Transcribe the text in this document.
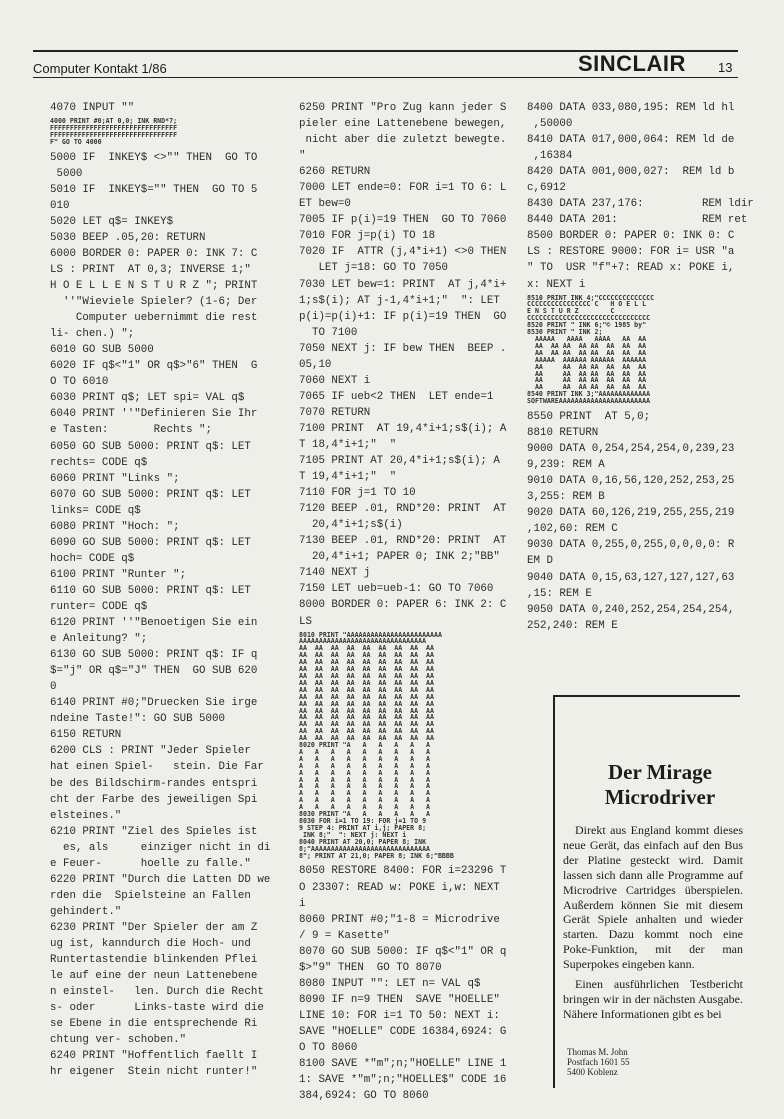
Computer Kontakt 1/86	SINCLAIR 13
4070 INPUT ""
4000 PRINT #0;AT 0,0; INK RND*7;
FFFFFFFFFFFFFFFFFFFFFFFFFFFFFFFF
FFFFFFFFFFFFFFFFFFFFFFFFFFFFFFFF
F" GO TO 4000
5000 IF  INKEY$ <>"" THEN  GO TO
5000
5010 IF  INKEY$="" THEN  GO TO 5
010
5020 LET q$= INKEY$
5030 BEEP .05,20: RETURN
6000 BORDER 0: PAPER 0: INK 7: C
LS : PRINT  AT 0,3; INVERSE 1;"
H O E L L E N S T U R Z "; PRINT
''"Wieviele Spieler? (1-6; Der
Computer uebernimmt die rest
li- chen.) ";
6010 GO SUB 5000
6020 IF q$<"1" OR q$>"6" THEN  G
O TO 6010
6030 PRINT q$; LET spi= VAL q$
6040 PRINT ''"Definieren Sie Ihr
e Tasten:       Rechts ";
6050 GO SUB 5000: PRINT q$: LET
rechts= CODE q$
6060 PRINT "Links ";
6070 GO SUB 5000: PRINT q$: LET
links= CODE q$
6080 PRINT "Hoch: ";
6090 GO SUB 5000: PRINT q$: LET
hoch= CODE q$
6100 PRINT "Runter ";
6110 GO SUB 5000: PRINT q$: LET
runter= CODE q$
6120 PRINT ''"Benoetigen Sie ein
e Anleitung? ";
6130 GO SUB 5000: PRINT q$: IF q
$="j" OR q$="J" THEN  GO SUB 620
0
6140 PRINT #0;"Druecken Sie irge
ndeine Taste!": GO SUB 5000
6150 RETURN
6200 CLS : PRINT "Jeder Spieler
hat einen Spiel-   stein. Die Far
be des Bildschirm-randes entspri
cht der Farbe des jeweiligen Spi
elsteines."
6210 PRINT "Ziel des Spieles ist
es, als     einziger nicht in di
e Feuer-      hoelle zu falle."
6220 PRINT "Durch die Latten DD we
rden die  Spielsteine an Fallen
gehindert."
6230 PRINT "Der Spieler der am Z
ug ist, kanndurch die Hoch- und
Runtertastendie blinkenden Pflei
le auf eine der neun Lattenebene
n einstel-   len. Durch die Recht
s- oder      Links-taste wird die
se Ebene in die entsprechende Ri
chtung ver- schoben."
6240 PRINT "Hoffentlich faellt I
hr eigener  Stein nicht runter!"
6250 PRINT "Pro Zug kann jeder S
pieler eine Lattenebene bewegen,
nicht aber die zuletzt bewegte.
"
6260 RETURN
7000 LET ende=0: FOR i=1 TO 6: L
ET bew=0
7005 IF p(i)=19 THEN  GO TO 7060
7010 FOR j=p(i) TO 18
7020 IF  ATTR (j,4*i+1) <>0 THEN
LET j=18: GO TO 7050
7030 LET bew=1: PRINT  AT j,4*i+
1;s$(i); AT j-1,4*i+1;"  ": LET
p(i)=p(i)+1: IF p(i)=19 THEN  GO
TO 7100
7050 NEXT j: IF bew THEN  BEEP .
05,10
7060 NEXT i
7065 IF ueb<2 THEN  LET ende=1
7070 RETURN
7100 PRINT  AT 19,4*i+1;s$(i); A
T 18,4*i+1;"  "
7105 PRINT AT 20,4*i+1;s$(i); A
T 19,4*i+1;"  "
7110 FOR j=1 TO 10
7120 BEEP .01, RND*20: PRINT  AT
20,4*i+1;s$(i)
7130 BEEP .01, RND*20: PRINT  AT
20,4*i+1; PAPER 0; INK 2;"BB"
7140 NEXT j
7150 LET ueb=ueb-1: GO TO 7060
8000 BORDER 0: PAPER 6: INK 2: C
LS
8010 PRINT "AAAAAAAAAAAAAAAAAAAAAAAA
AAAAAAAAAAAAAAAAAAAAAAAAAAAAAAAA
AA  AA  AA  AA  AA  AA  AA  AA  AA
AA  AA  AA  AA  AA  AA  AA  AA  AA
AA  AA  AA  AA  AA  AA  AA  AA  AA
AA  AA  AA  AA  AA  AA  AA  AA  AA
AA  AA  AA  AA  AA  AA  AA  AA  AA
AA  AA  AA  AA  AA  AA  AA  AA  AA
AA  AA  AA  AA  AA  AA  AA  AA  AA
AA  AA  AA  AA  AA  AA  AA  AA  AA
AA  AA  AA  AA  AA  AA  AA  AA  AA
AA  AA  AA  AA  AA  AA  AA  AA  AA
AA  AA  AA  AA  AA  AA  AA  AA  AA
AA  AA  AA  AA  AA  AA  AA  AA  AA
AA  AA  AA  AA  AA  AA  AA  AA  AA
AA  AA  AA  AA  AA  AA  AA  AA  AA
8020 PRINT "A   A   A   A   A   A
A   A   A   A   A   A   A   A   A
A   A   A   A   A   A   A   A   A
A   A   A   A   A   A   A   A   A
A   A   A   A   A   A   A   A   A
A   A   A   A   A   A   A   A   A
A   A   A   A   A   A   A   A   A
A   A   A   A   A   A   A   A   A
A   A   A   A   A   A   A   A   A
A   A   A   A   A   A   A   A   A
8030 PRINT "A   A   A   A   A   A
8030 FOR i=1 TO 19: FOR j=1 TO 9
9 STEP 4: PRINT AT i,j; PAPER 8;
INK 8;"  ": NEXT j: NEXT i
8040 PRINT AT 20,0; PAPER 8; INK
8;"AAAAAAAAAAAAAAAAAAAAAAAAAAAAAA
8"; PRINT AT 21,0; PAPER 8; INK 6;"BBBB
8050 RESTORE 8400: FOR i=23296 T
O 23307: READ w: POKE i,w: NEXT
i
8060 PRINT #0;"1-8 = Microdrive
/ 9 = Kasette"
8070 GO SUB 5000: IF q$<"1" OR q
$>"9" THEN  GO TO 8070
8080 INPUT "": LET n= VAL q$
8090 IF n=9 THEN  SAVE "HOELLE"
LINE 10: FOR i=1 TO 50: NEXT i:
SAVE "HOELLE" CODE 16384,6924: G
O TO 8060
8100 SAVE *"m";n;"HOELLE" LINE 1
1: SAVE *"m";n;"HOELLE$" CODE 16
384,6924: GO TO 8060
8400 DATA 033,080,195: REM ld hl
,50000
8410 DATA 017,000,064: REM ld de
,16384
8420 DATA 001,000,027:  REM ld b
c,6912
8430 DATA 237,176:         REM ldir
8440 DATA 201:             REM ret
8500 BORDER 0: PAPER 0: INK 0: C
LS : RESTORE 9000: FOR i= USR "a
" TO  USR "f"+7: READ x: POKE i,
x: NEXT i
8510 PRINT INK 4;"CCCCCCCCCCCCCC
CCCCCCCCCCCCCCCC C   H O E L L
E N S T U R Z        C
CCCCCCCCCCCCCCCCCCCCCCCCCCCCCCC
8520 PRINT " INK 6;"© 1985 by"
8530 PRINT " INK 2;
AAAAA   AAAA   AAAA   AA  AA
AA  AA AA  AA AA  AA  AA  AA
AA  AA AA  AA AA  AA  AA  AA
AAAAA  AAAAAA AAAAAA  AAAAAA
AA     AA  AA AA  AA  AA  AA
AA     AA  AA AA  AA  AA  AA
AA     AA  AA AA  AA  AA  AA
AA     AA  AA AA  AA  AA  AA
8540 PRINT INK 3;"AAAAAAAAAAAAA
SOFTWAREAAAAAAAAAAAAAAAAAAAAAAA
8550 PRINT  AT 5,0;
8810 RETURN
9000 DATA 0,254,254,254,0,239,23
9,239: REM A
9010 DATA 0,16,56,120,252,253,25
3,255: REM B
9020 DATA 60,126,219,255,255,219
,102,60: REM C
9030 DATA 0,255,0,255,0,0,0,0: R
EM D
9040 DATA 0,15,63,127,127,127,63
,15: REM E
9050 DATA 0,240,252,254,254,254,
252,240: REM E
Der Mirage Microdriver

Direkt aus England kommt dieses neue Gerät, das einfach auf den Bus der Platine gesteckt wird. Damit lassen sich dann alle Programme auf Microdrive Cartridges überspielen. Außerdem können Sie mit diesem Gerät Spiele anhalten und wieder starten. Dazu kommt noch eine Poke-Funktion, mit der man Superpokes eingeben kann.

Einen ausführlichen Testbericht bringen wir in der nächsten Ausgabe. Nähere Informationen gibt es bei

Thomas M. John
Postfach 1601 55
5400 Koblenz
